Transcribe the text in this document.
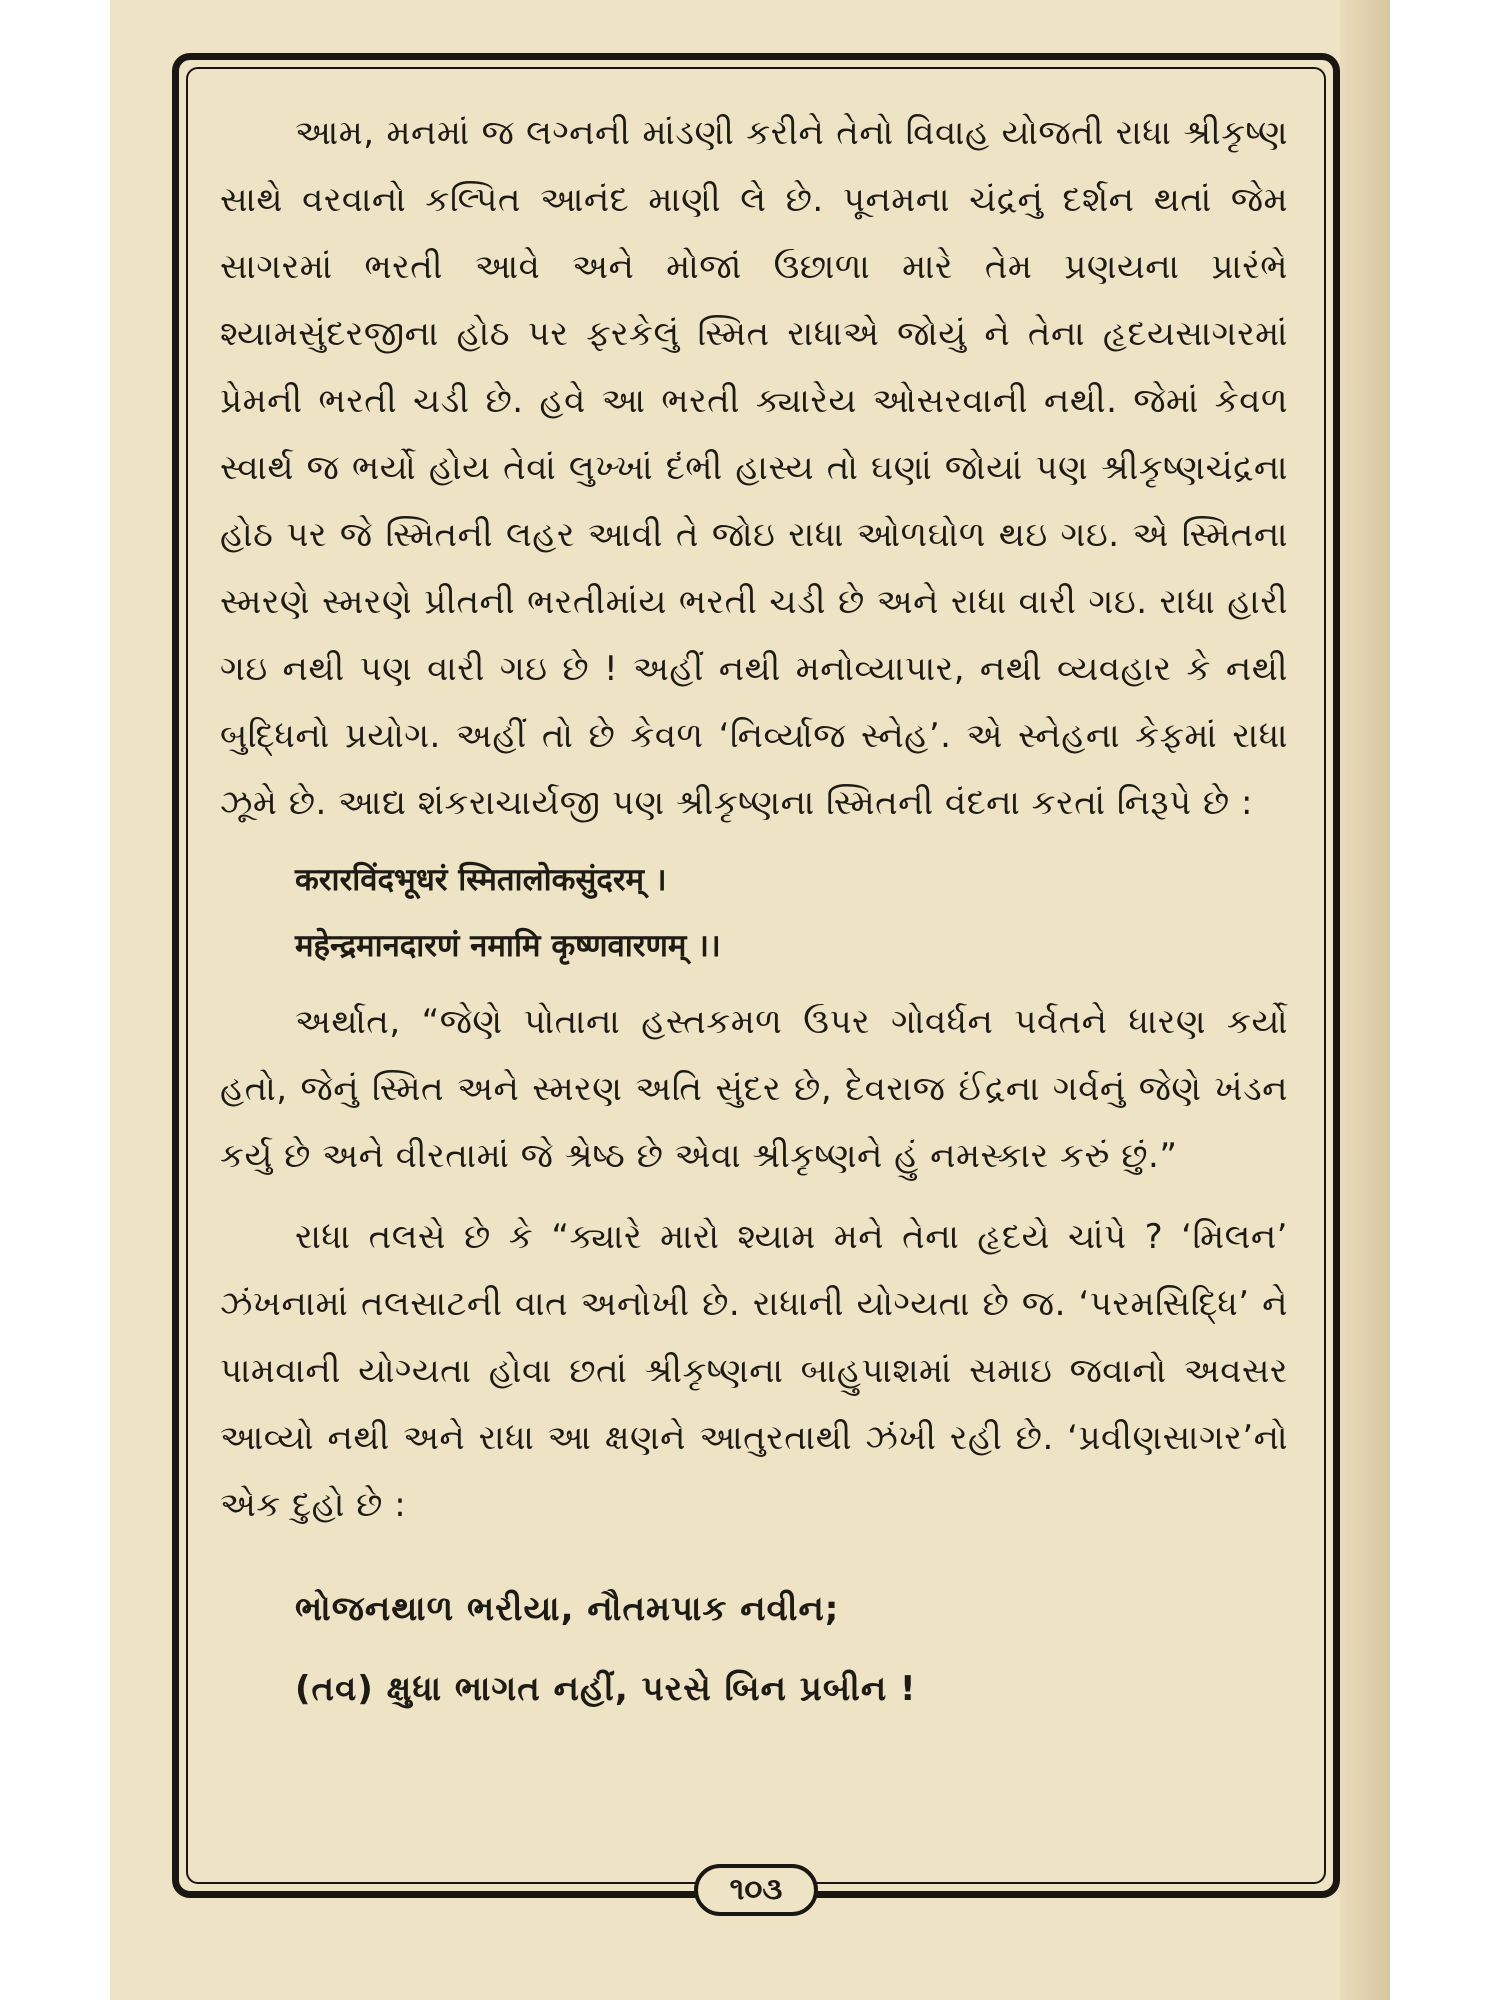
આમ, મનમાં જ લગ્નની માંડણી કરીને તેનો વિવાહ યોજતી રાધા શ્રીકૃષ્ણ સાથે વરવાનો કલ્પિત આનંદ માણી લે છે. પૂનમના ચંદ્રનું દર્શન થતાં જેમ સાગરમાં ભરતી આવે અને મોજાં ઉછાળા મારે તેમ પ્રણયના પ્રારંભે શ્યામસુંદરજીના હોઠ પર ફરકેલું સ્મિત રાધાએ જોયું ને તેના હૃદયસાગરમાં પ્રેમની ભરતી ચડી છે. હવે આ ભરતી ક્યારેય ઓસરવાની નથી. જેમાં કેવળ સ્વાર્થ જ ભર્યો હોય તેવાં લુખ્ખાં દંભી હાસ્ય તો ઘણાં જોયાં પણ શ્રીકૃષ્ણચંદ્રના હોઠ પર જે સ્મિતની લહર આવી તે જોઇ રાધા ઓળઘોળ થઇ ગઇ. એ સ્મિતના સ્મરણે સ્મરણે પ્રીતની ભરતીમાંય ભરતી ચડી છે અને રાધા વારી ગઇ. રાધા હારી ગઇ નથી પણ વારી ગઇ છે ! અહીં નથી મનોવ્યાપાર, નથી વ્યવહાર કે નથી બુદ્ધિનો પ્રયોગ. અહીં તો છે કેવળ ‘નિર્વ્યાજ સ્નેહ’. એ સ્નેહના કેફમાં રાધા ઝૂમે છે. આદ્ય શંકરાચાર્યજી પણ શ્રીકૃષ્ણના સ્મિતની વંદના કરતાં નિરૂપે છે :

करारविंदभूधरं स्मितालोकसुंदरम् ।
महेन्द्रमानदारणं नमामि कृष्णवारणम् ।।

અર્થાત, “જેણે પોતાના હસ્તકમળ ઉપર ગોવર્ધન પર્વતને ધારણ કર્યો હતો, જેનું સ્મિત અને સ્મરણ અતિ સુંદર છે, દેવરાજ ઈંદ્રના ગર્વનું જેણે ખંડન કર્યુ છે અને વીરતામાં જે શ્રેષ્ઠ છે એવા શ્રીકૃષ્ણને હું નમસ્કાર કરું છું.”

રાધા તલસે છે કે “ક્યારે મારો શ્યામ મને તેના હૃદયે ચાંપે ? ‘મિલન’ ઝંખનામાં તલસાટની વાત અનોખી છે. રાધાની યોગ્યતા છે જ. ‘પરમસિદ્ધિ’ ને પામવાની યોગ્યતા હોવા છતાં શ્રીકૃષ્ણના બાહુપાશમાં સમાઇ જવાનો અવસર આવ્યો નથી અને રાધા આ ક્ષણને આતુરતાથી ઝંખી રહી છે. ‘પ્રવીણસાગર’નો એક દુહો છે :

ભોજનથાળ ભરીયા, નૌતમપાક નવીન;
(તવ) ક્ષુધા ભાગત નહીં, પરસે બિન પ્રબીન !
૧૦૩
